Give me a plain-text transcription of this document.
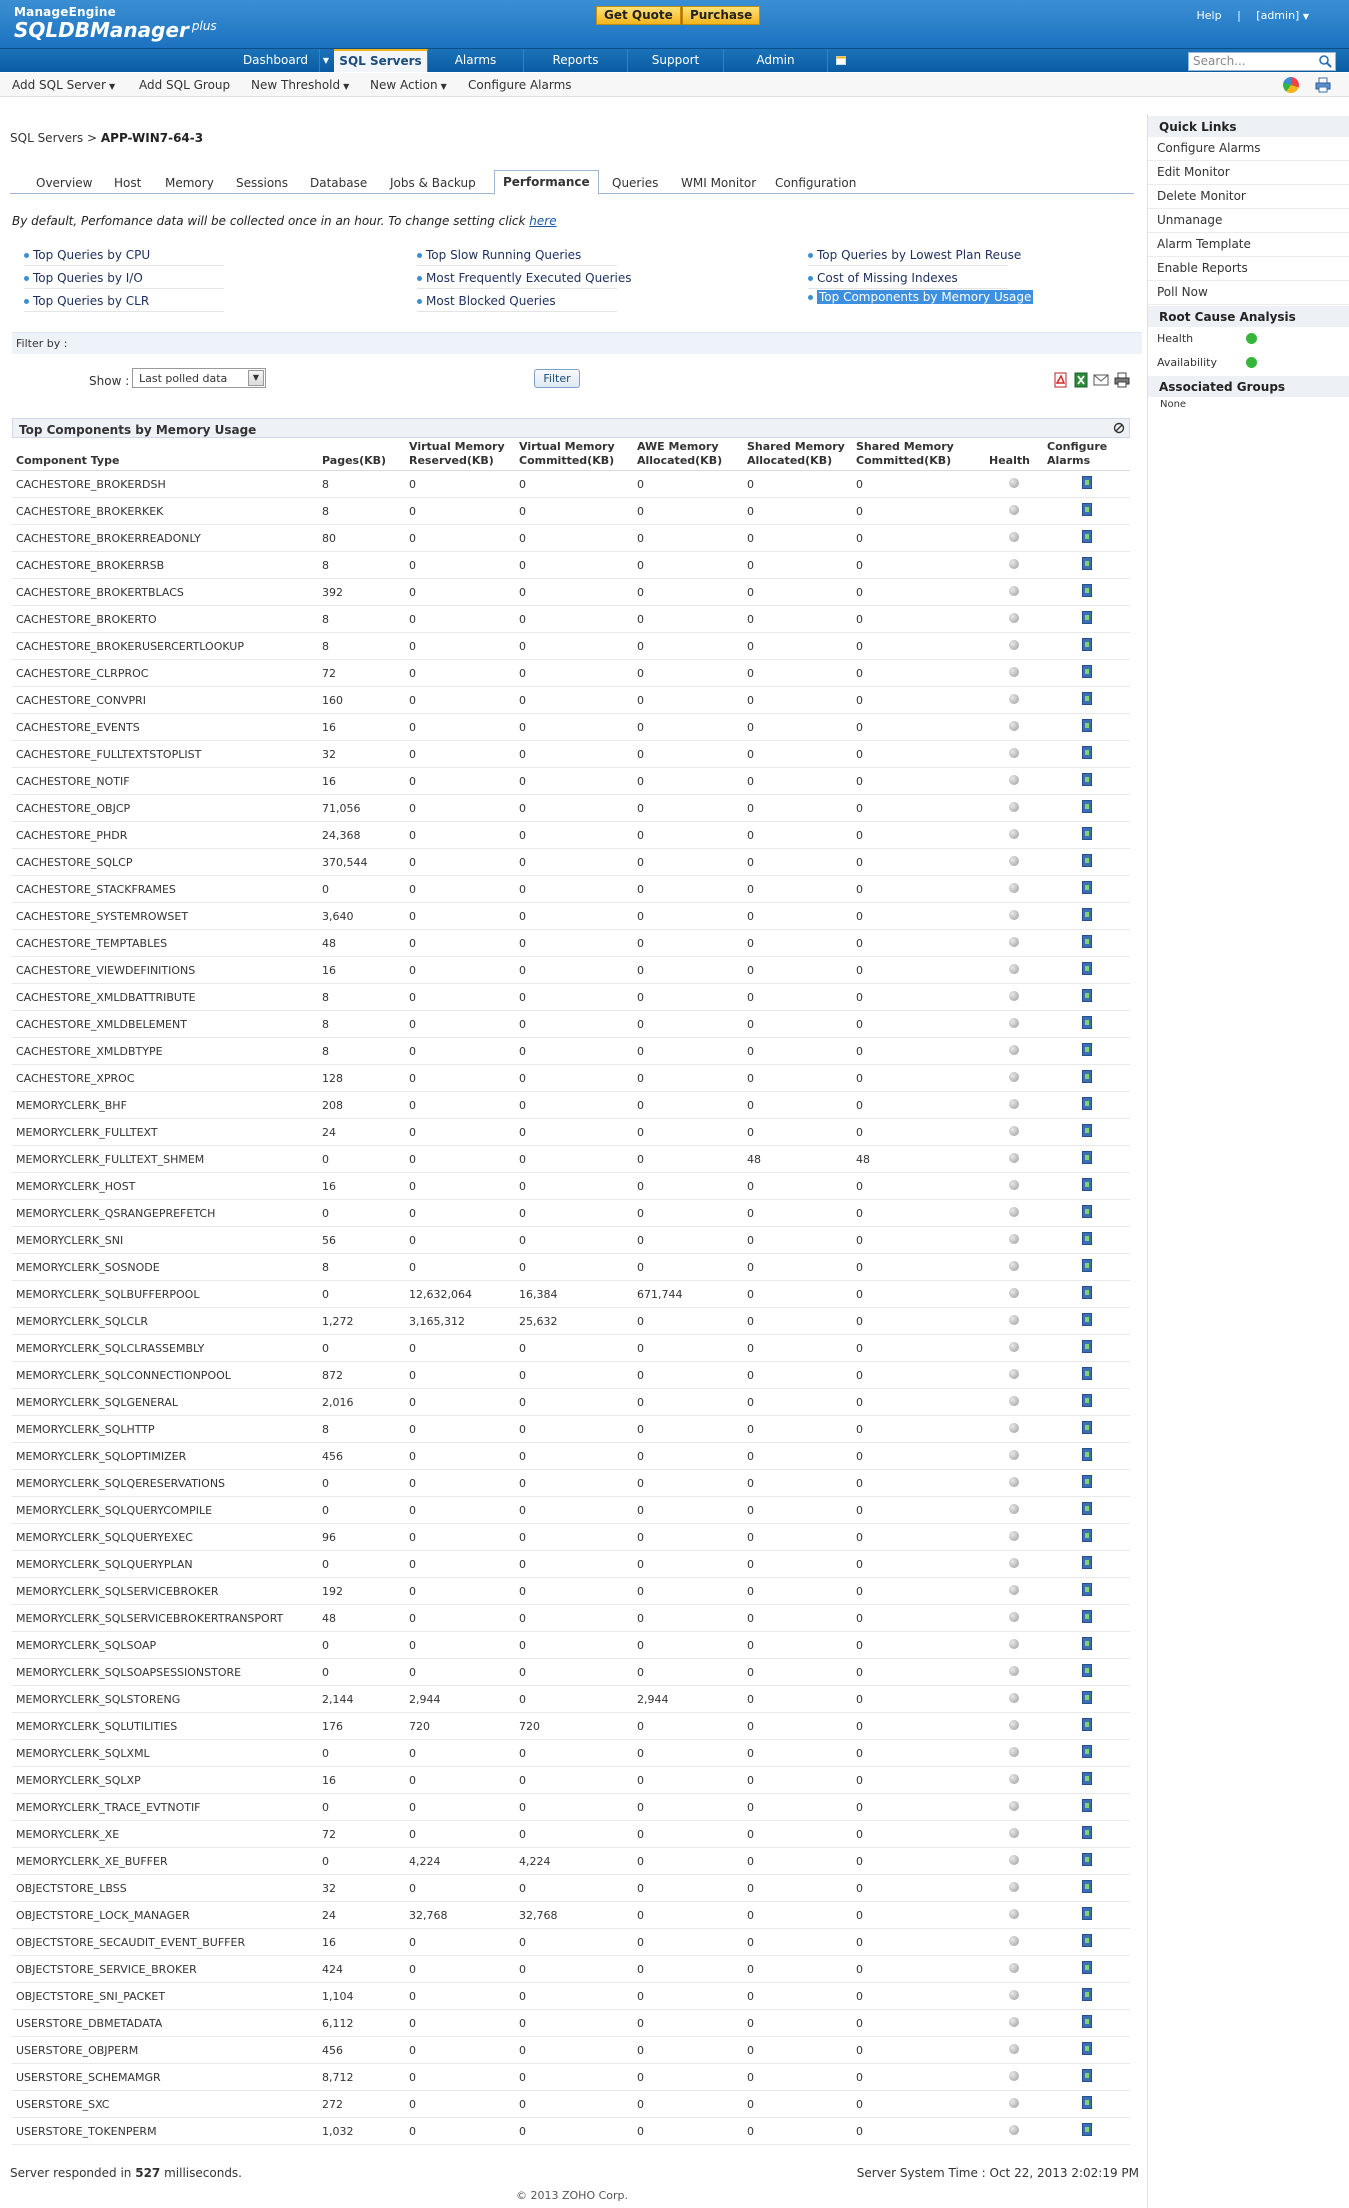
ManageEngine
SQLDBManager plus
Get Quote	Purchase	Help | [admin] ▼
Dashboard	▼ SQL Servers	Alarms	Reports	Support	Admin	Search...
Add SQL Server ▼ Add SQL Group New Threshold ▼ New Action ▼ Configure Alarms
SQL Servers > APP-WIN7-64-3
Overview	Host	Memory	Sessions	Database	Jobs & Backup	Performance	Queries	WMI Monitor	Configuration
By default, Perfomance data will be collected once in an hour. To change setting click here
Top Queries by CPU
Top Queries by I/O
Top Queries by CLR
Top Slow Running Queries
Most Frequently Executed Queries
Most Blocked Queries
Top Queries by Lowest Plan Reuse
Cost of Missing Indexes
Top Components by Memory Usage
Filter by :
Show : Last polled data	▼	Filter
Top Components by Memory Usage
Component Type	Pages(KB)	Virtual Memory Reserved(KB)	Virtual Memory Committed(KB)	AWE Memory Allocated(KB)	Shared Memory Allocated(KB)	Shared Memory Committed(KB)	Health	Configure Alarms
CACHESTORE_BROKERDSH	8	0	0	0	0	0		
CACHESTORE_BROKERKEK	8	0	0	0	0	0		
CACHESTORE_BROKERREADONLY	80	0	0	0	0	0		
CACHESTORE_BROKERRSB	8	0	0	0	0	0		
CACHESTORE_BROKERTBLACS	392	0	0	0	0	0		
CACHESTORE_BROKERTO	8	0	0	0	0	0		
CACHESTORE_BROKERUSERCERTLOOKUP	8	0	0	0	0	0		
CACHESTORE_CLRPROC	72	0	0	0	0	0		
CACHESTORE_CONVPRI	160	0	0	0	0	0		
CACHESTORE_EVENTS	16	0	0	0	0	0		
CACHESTORE_FULLTEXTSTOPLIST	32	0	0	0	0	0		
CACHESTORE_NOTIF	16	0	0	0	0	0		
CACHESTORE_OBJCP	71,056	0	0	0	0	0		
CACHESTORE_PHDR	24,368	0	0	0	0	0		
CACHESTORE_SQLCP	370,544	0	0	0	0	0		
CACHESTORE_STACKFRAMES	0	0	0	0	0	0		
CACHESTORE_SYSTEMROWSET	3,640	0	0	0	0	0		
CACHESTORE_TEMPTABLES	48	0	0	0	0	0		
CACHESTORE_VIEWDEFINITIONS	16	0	0	0	0	0		
CACHESTORE_XMLDBATTRIBUTE	8	0	0	0	0	0		
CACHESTORE_XMLDBELEMENT	8	0	0	0	0	0		
CACHESTORE_XMLDBTYPE	8	0	0	0	0	0		
CACHESTORE_XPROC	128	0	0	0	0	0		
MEMORYCLERK_BHF	208	0	0	0	0	0		
MEMORYCLERK_FULLTEXT	24	0	0	0	0	0		
MEMORYCLERK_FULLTEXT_SHMEM	0	0	0	0	48	48		
MEMORYCLERK_HOST	16	0	0	0	0	0		
MEMORYCLERK_QSRANGEPREFETCH	0	0	0	0	0	0		
MEMORYCLERK_SNI	56	0	0	0	0	0		
MEMORYCLERK_SOSNODE	8	0	0	0	0	0		
MEMORYCLERK_SQLBUFFERPOOL	0	12,632,064	16,384	671,744	0	0		
MEMORYCLERK_SQLCLR	1,272	3,165,312	25,632	0	0	0		
MEMORYCLERK_SQLCLRASSEMBLY	0	0	0	0	0	0		
MEMORYCLERK_SQLCONNECTIONPOOL	872	0	0	0	0	0		
MEMORYCLERK_SQLGENERAL	2,016	0	0	0	0	0		
MEMORYCLERK_SQLHTTP	8	0	0	0	0	0		
MEMORYCLERK_SQLOPTIMIZER	456	0	0	0	0	0		
MEMORYCLERK_SQLQERESERVATIONS	0	0	0	0	0	0		
MEMORYCLERK_SQLQUERYCOMPILE	0	0	0	0	0	0		
MEMORYCLERK_SQLQUERYEXEC	96	0	0	0	0	0		
MEMORYCLERK_SQLQUERYPLAN	0	0	0	0	0	0		
MEMORYCLERK_SQLSERVICEBROKER	192	0	0	0	0	0		
MEMORYCLERK_SQLSERVICEBROKERTRANSPORT	48	0	0	0	0	0		
MEMORYCLERK_SQLSOAP	0	0	0	0	0	0		
MEMORYCLERK_SQLSOAPSESSIONSTORE	0	0	0	0	0	0		
MEMORYCLERK_SQLSTORENG	2,144	2,944	0	2,944	0	0		
MEMORYCLERK_SQLUTILITIES	176	720	720	0	0	0		
MEMORYCLERK_SQLXML	0	0	0	0	0	0		
MEMORYCLERK_SQLXP	16	0	0	0	0	0		
MEMORYCLERK_TRACE_EVTNOTIF	0	0	0	0	0	0		
MEMORYCLERK_XE	72	0	0	0	0	0		
MEMORYCLERK_XE_BUFFER	0	4,224	4,224	0	0	0		
OBJECTSTORE_LBSS	32	0	0	0	0	0		
OBJECTSTORE_LOCK_MANAGER	24	32,768	32,768	0	0	0		
OBJECTSTORE_SECAUDIT_EVENT_BUFFER	16	0	0	0	0	0		
OBJECTSTORE_SERVICE_BROKER	424	0	0	0	0	0		
OBJECTSTORE_SNI_PACKET	1,104	0	0	0	0	0		
USERSTORE_DBMETADATA	6,112	0	0	0	0	0		
USERSTORE_OBJPERM	456	0	0	0	0	0		
USERSTORE_SCHEMAMGR	8,712	0	0	0	0	0		
USERSTORE_SXC	272	0	0	0	0	0		
USERSTORE_TOKENPERM	1,032	0	0	0	0	0		
Server responded in 527 milliseconds.	Server System Time : Oct 22, 2013 2:02:19 PM
© 2013 ZOHO Corp.
Quick Links
Configure Alarms
Edit Monitor
Delete Monitor
Unmanage
Alarm Template
Enable Reports
Poll Now
Root Cause Analysis
Health
Availability
Associated Groups
None
